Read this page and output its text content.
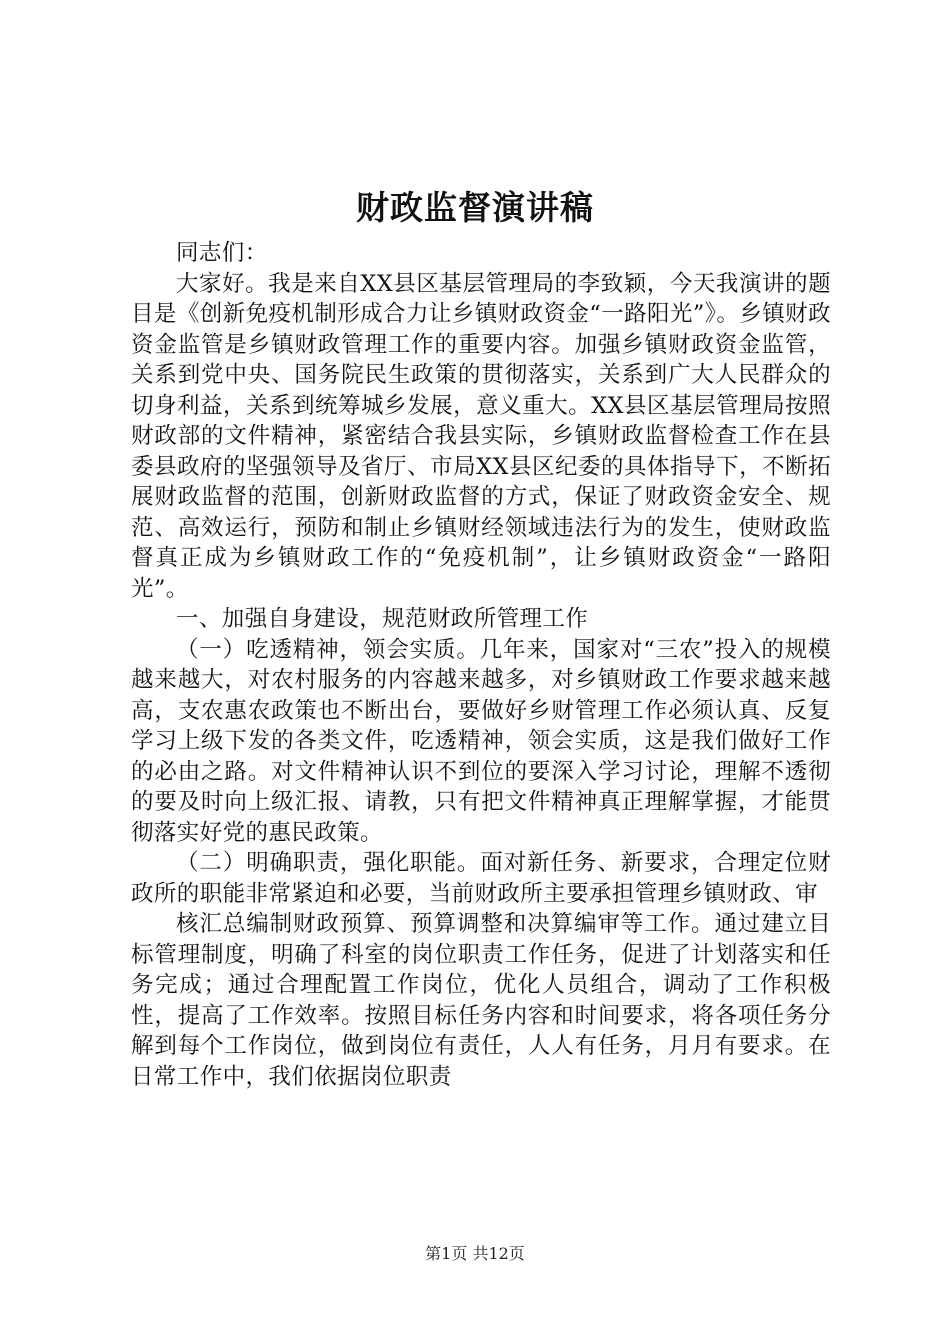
财政监督演讲稿

同志们：

大家好。我是来自XX县区基层管理局的李致颖，今天我演讲的题目是《创新免疫机制形成合力让乡镇财政资金“一路阳光”》。乡镇财政资金监管是乡镇财政管理工作的重要内容。加强乡镇财政资金监管，关系到党中央、国务院民生政策的贯彻落实，关系到广大人民群众的切身利益，关系到统筹城乡发展，意义重大。XX县区基层管理局按照财政部的文件精神，紧密结合我县实际，乡镇财政监督检查工作在县委县政府的坚强领导及省厅、市局XX县区纪委的具体指导下，不断拓展财政监督的范围，创新财政监督的方式，保证了财政资金安全、规范、高效运行，预防和制止乡镇财经领域违法行为的发生，使财政监督真正成为乡镇财政工作的“免疫机制”，让乡镇财政资金“一路阳光”。

一、加强自身建设，规范财政所管理工作

（一）吃透精神，领会实质。几年来，国家对“三农”投入的规模越来越大，对农村服务的内容越来越多，对乡镇财政工作要求越来越高，支农惠农政策也不断出台，要做好乡财管理工作必须认真、反复学习上级下发的各类文件，吃透精神，领会实质，这是我们做好工作的必由之路。对文件精神认识不到位的要深入学习讨论，理解不透彻的要及时向上级汇报、请教，只有把文件精神真正理解掌握，才能贯彻落实好党的惠民政策。

（二）明确职责，强化职能。面对新任务、新要求，合理定位财政所的职能非常紧迫和必要，当前财政所主要承担管理乡镇财政、审

核汇总编制财政预算、预算调整和决算编审等工作。通过建立目标管理制度，明确了科室的岗位职责工作任务，促进了计划落实和任务完成；通过合理配置工作岗位，优化人员组合，调动了工作积极性，提高了工作效率。按照目标任务内容和时间要求，将各项任务分解到每个工作岗位，做到岗位有责任，人人有任务，月月有要求。在日常工作中，我们依据岗位职责

第1页 共12页
